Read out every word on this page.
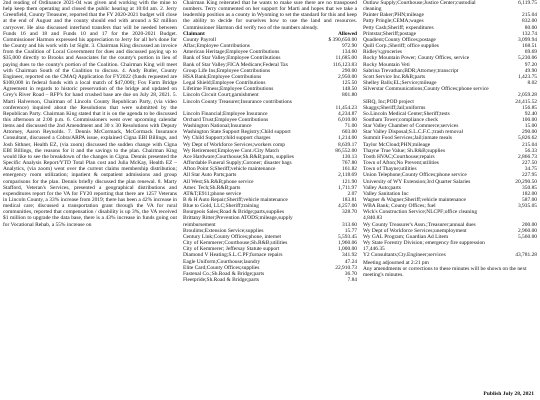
2nd reading of Ordinance 2021-04 was given and working with the mine to help keep them operating and closed the public hearing at 10:04 am. 2. Jerry Greenfield, County Treasurer, reported that the FY 2020-2021 budget will close at the end of August and the county should end with around a $2 million carryover. He also discussed interfund transfers that will be needed between Funds 16 and 18 and Funds 10 and 17 for the 2020-2021 Budget. Commissioner Harmon expressed his appreciation to Jerry for all he's done for the County and his work with 1st Sight. 3. Chairman King discussed an invoice from the Coalition of Local Government for dues and discussed paying up to $35,000 directly to Brooks and Associates for the county's portion in lieu of paying dues to the county's portion of the Coalition. Chairman King will meet with Chairman South of the Coalition to discuss. 4. Andy Butler, County Engineer, reported on the CMAQ Application for FY2022 (funds requested are $108,000 in federal funds with a local match of $47,000); Fox Farm Bridge Agreement in regards to historic preservation of the bridge and updated on Grey's River Road – RFP's for hand crushed base are due on July 28, 2021. 5. Marti Halverson, Chairman of Lincoln County Republican Party, (via video conference) inquired about the Resolutions that were submitted by the Republican Party. Chairman King stated that it is on the agenda to be discussed this afternoon at 2:00 p.m. 6. Commissioners went over upcoming calendar items and discussed the 2nd Amendment and 30 x 30 Resolutions with Deputy Attorney, Aaron Reynolds. 7. Dennis McCormack, McCormack Insurance Consultant, discussed a Cobra/ARPA issue, explained Cigna EBI Billings, and Josh Sithner, Health EZ, (via zoom) discussed the sudden change with Cigna EBI Billings, the reasons for it and the savings to the plan. Chairman King would like to see the breakdown of the changes in Cigna. Dennis presented the Specific Analysis Report/YTD Total Plan cost and Julia McKay, Health EZ – Analytics, (via zoom) went over the current claims membership distribution; emergency room utilization; inpatient & outpatient admissions and group comparisons for the plan. Dennis briefly discussed the plan renewal. 8. Marty Stafford, Veteran's Services, presented a geographical distributions and expenditures report for the VA for FY20 reporting that there are 1257 Veterans in Lincoln County, a 33% increase from 2019; there has been a 42% increase in medical care; discussed a transportation grant through the VA for rural communities, reported that compensation / disability is up 3%, the VA received $1 million to upgrade the data base, there is a 43% increase in funds going out for Vocational Rehab, a 55% increase on

Chairman King reiterated that he wants to make sure there are no transposed numbers. Terry commented on her support for Marti and hopes that we take a leadership position as a county in Wyoming to set the standard for this and keep the ability to decide for ourselves how to use the land and resources. Commissioner Harmon did verify two of the numbers already.

Claimant	Allowed
County Payroll	$ 390,650.00
Aflac;Employee Contributions	972.90
American Heritage;Employee Contributions	134.60
Bank of Star Valley;Employee Contributions	11,685.00
Bank of Star Valley;FICA Medicare;Federal Tax	116,123.83
Group Life Ins;Employee Contributions	290.00
HSA Bank;Employee Contributions	2,950.00
Legal Shield;Employee Contributions	125.50
Lifetime Fitness;Employee Contributions	148.50
Lincoln Circuit Court;garnishment	801.80
Lincoln County Treasurer;Insurance contributions
11,454.23
Lincoln Financial;Employee Insurance	4,234.87
Orchard Trust;Employee Contributions	6,010.00
Washington National;Insurance	71.00
Washington State Support Registry;Child support	603.00
Wy Child Support;child support charges	1,214.00
Wy Dept of Workforce Services;workers comp	8,639.17
Wy Retirement;Employee Cont./City Match	86,552.00
Ace Hardware;Courthouse;Sh.R&B;parts, supplies	130.13
Affordable Funeral Supply;Coroner; disaster bags	767.80
Afton Point S;Sheriff;vehicle maintenance	161.82
All Star Auto Parts;parts	2,118.69
All West;Sh.R&B;phone service	121.90
Amer. Tech;Sh.R&B;parts	1,711.97
AT&T;E911;phone service	2.07
B & H Auto Repair;Sheriff;vehicle maintenance	183.81
Blue to Gold, LLC;Sheriff;training	4,257.00
Bourgeois Sales;Road & Bridge;parts,supplies	328.70
Brittany Ritter;Prevention ATODS;mileage,supply
reimbursement	313.60
Broulims;Extension Service;supplies	15.77
Century Link;County Offices;phone, internet	5,593.45
City of Kemmerer;Courthouse;Sh.R&B;utilities	1,960.06
City of Kemmerer; Jeffersay Statute support	1,000.00
Diamond V Heating;S.L.C.PF;furnace repairs	341.92
Eagle Uniform;Courthouse;laundry	47.24
Elite Card;County Offices;supplies	22,910.73
Fastenal Co.;Sh.Road & Bridge;parts	36.70
Fleetpride;Sh.Road & Bridge;parts	7.84
Outlaw Supply;Courthouse;Justice Center;custodial	6,119.75
cleaning
Painter Baker;PHN;mileage	215.04
Patty Pringle;CEMA;wages	832.00
Petty Cash;Sheriff; expenditures	80.00
Printstar;Sheriff;postage	132.74
Quadient;County Offices;postage	3,099.94
Quill Corp.;Sheriff; office supplies	168.51
Ridley's;groceries	69.69
Rocky Mountain Power; County Offices, service	5,230.06
Rocky Mountain Veti	97.20
Sabrina Trevathan;BDR;Attorney;transcript	49.90
Scott Service Inc.R&B;parts	1,423.75
Shelley Balls;EL;Service;mileage	8.02
Silverstar Communications;County Offices;phone service
2,059.28
SIRQ, Inc;POD project	24,415.52
Skaggs;Sheriff;Jail;uniforms	156.85
So.Lincoln Medical Center;Sheriff;tests	92.40
Southam Tower;compliance check	100.00
Star Valley Chamber of Commerce;services	15.00
Star Valley Disposal;S.L.C.F.C.;trash removal	290.00
Summit Food Services;Jail;inmate meals	5,826.62
Taylor McCloud;PHN;mileage	215.04
Thayne True Value; Sh.R&B;supplies	56.33
Tooth HVAC;Courthouse;repairs	2,866.73
Town of Afton;No Prevent;utilities	227.50
Town of Thayne;utilities	34.75
Union Telephone;County Offices;phone service	227.95
University of WY Extension;3rd Quarter Salaries	20,290.50
Valley Auto;parts	350.85
Valley Sanitation Inc	182.00
Wagner & Wagner;Sheriff;vehicle maintenance	587.00
WBA Bank; County Offices; fuel	3,935.05
Wick's Construction Service;NLCPF;office cleaning
4,840.83
Wy County Treasurer's Assn.;Treasurer;annual dues	200.00
Wy Dept of Workforce Services;unemployment	2,960.00
Wy GAL Program; Guardian Ad Litem	5,560.00
Wy State Forestry Division; emergency fire suppression
17,446.35
Y2 Consultants;Cty.Engineer;services	43,781.28
Meeting adjourned at 2:21 pm
Any amendments or corrections to these minutes will be shown on the next meeting's minutes.
Publish July 28, 2021
